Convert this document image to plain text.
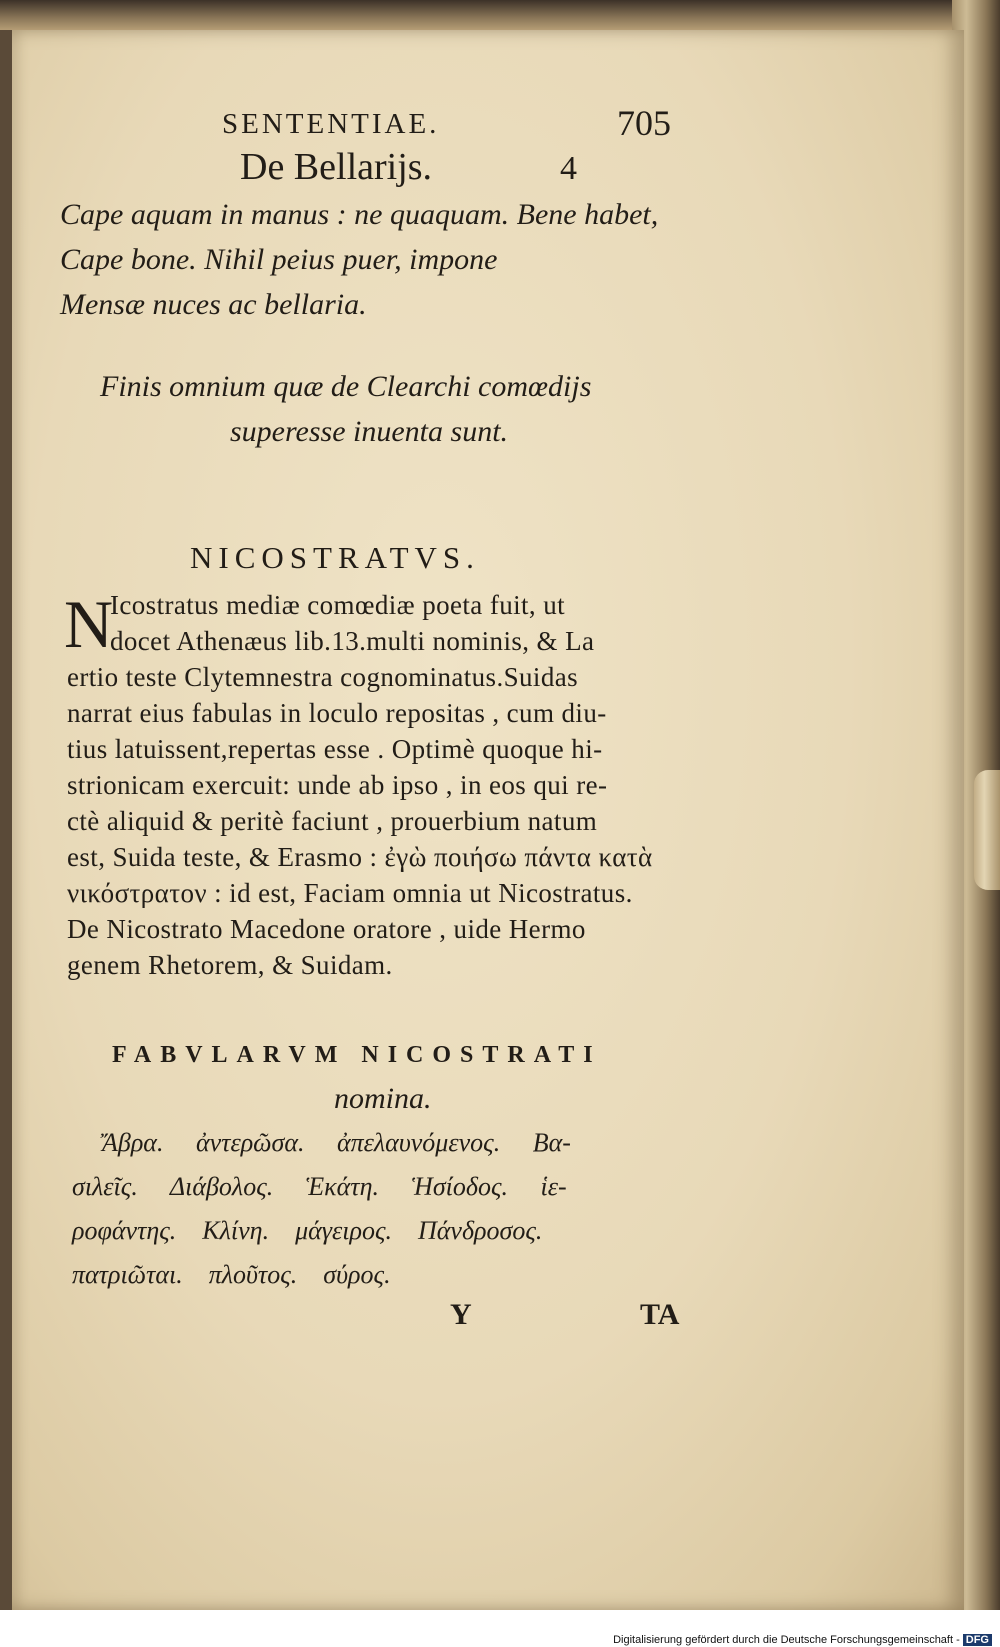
SENTENTIAE.	705
De Bellarijs.	4
Cape aquam in manus : ne quaquam. Bene habet,
Cape bone. Nihil peius puer, impone
Mensæ nuces ac bellaria.
Finis omnium quæ de Clearchi comœdijs
superesse inuenta sunt.
NICOSTRATVS.
N
Icostratus mediæ comœdiæ poeta fuit, ut
docet Athenæus lib.13.multi nominis, & La
ertio teste Clytemnestra cognominatus.Suidas
narrat eius fabulas in loculo repositas , cum diu-
tius latuissent,repertas esse . Optimè quoque hi-
strionicam exercuit: unde ab ipso , in eos qui re-
ctè aliquid & peritè faciunt , prouerbium natum
est, Suida teste, & Erasmo : ἐγὼ ποιήσω πάντα κατὰ
νικόστρατον : id est, Faciam omnia ut Nicostratus.
De Nicostrato Macedone oratore , uide Hermo
genem Rhetorem, & Suidam.
FABVLARVM NICOSTRATI
nomina.
Ἄβρα.     ἀντερῶσα.     ἀπελαυνόμενος.     Βα-
σιλεῖς.     Διάβολος.     Ἑκάτη.     Ἡσίοδος.     ἱε-
ροφάντης.    Κλίνη.    μάγειρος.    Πάνδροσος.
πατριῶται.    πλοῦτος.    σύρος.
Y	TA
Digitalisierung gefördert durch die Deutsche Forschungsgemeinschaft - DFG
